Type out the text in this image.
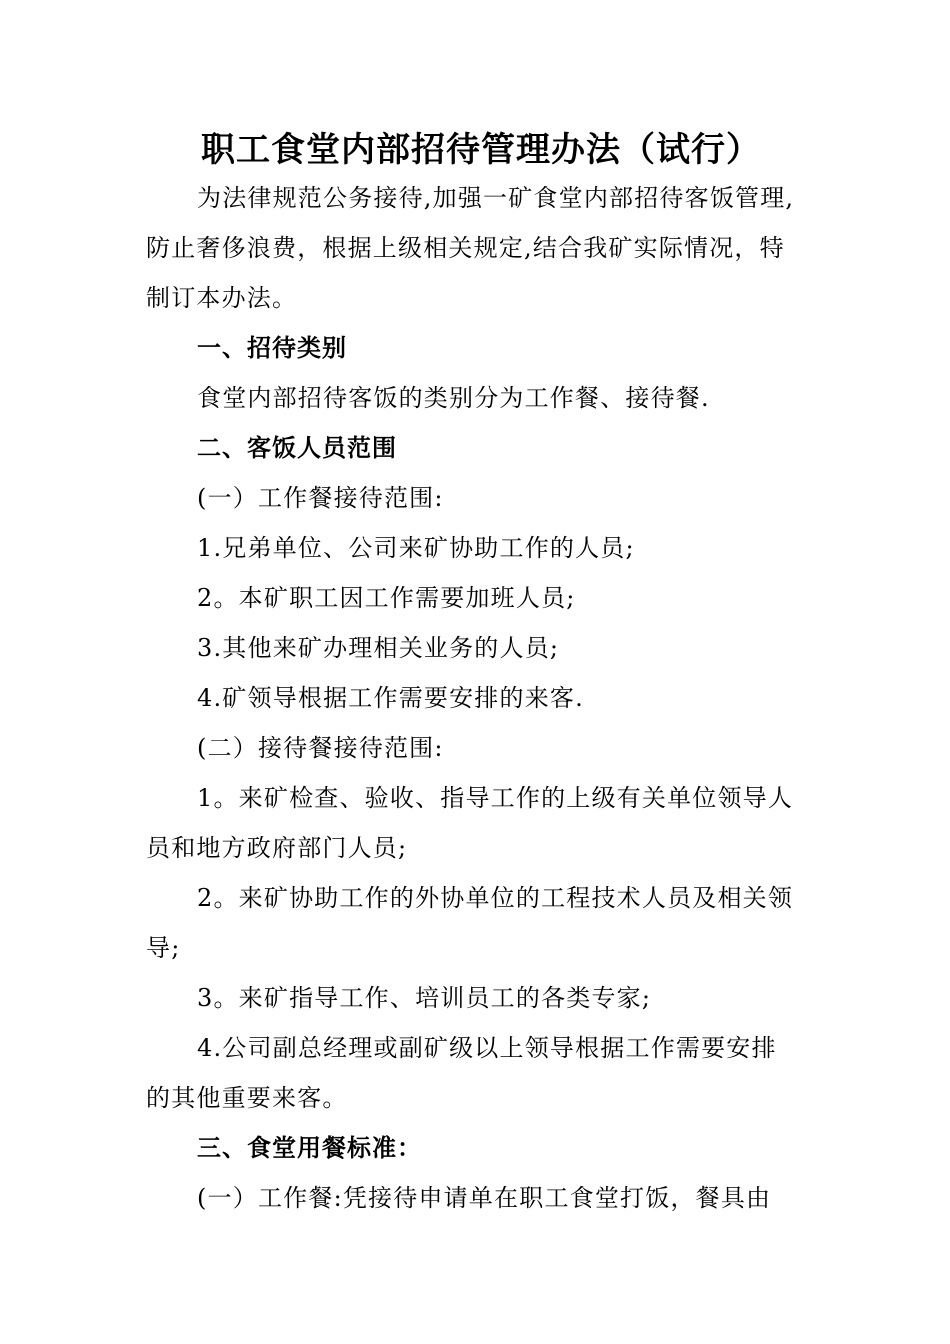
职工食堂内部招待管理办法（试行）

为法律规范公务接待,加强一矿食堂内部招待客饭管理,

防止奢侈浪费，根据上级相关规定,结合我矿实际情况，特

制订本办法。

一、招待类别

食堂内部招待客饭的类别分为工作餐、接待餐.

二、客饭人员范围

(一）工作餐接待范围:

1.兄弟单位、公司来矿协助工作的人员;

2。本矿职工因工作需要加班人员;

3.其他来矿办理相关业务的人员;

4.矿领导根据工作需要安排的来客.

(二）接待餐接待范围:

1。来矿检查、验收、指导工作的上级有关单位领导人

员和地方政府部门人员;

2。来矿协助工作的外协单位的工程技术人员及相关领

导;

3。来矿指导工作、培训员工的各类专家;

4.公司副总经理或副矿级以上领导根据工作需要安排

的其他重要来客。

三、食堂用餐标准：

(一）工作餐:凭接待申请单在职工食堂打饭，餐具由
